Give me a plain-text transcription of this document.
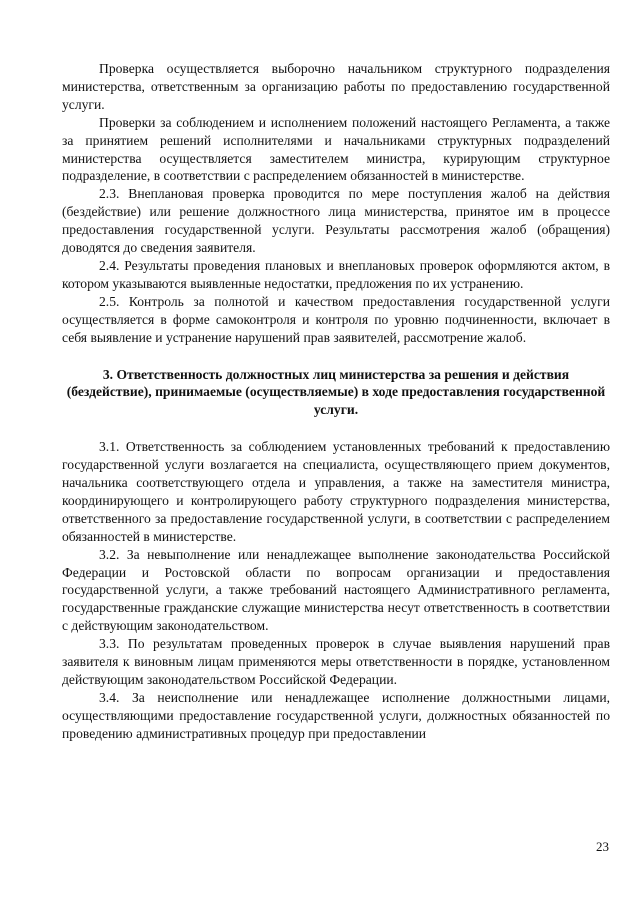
Проверка осуществляется выборочно начальником структурного подразделения министерства, ответственным за организацию работы по предоставлению государственной услуги.

Проверки за соблюдением и исполнением положений настоящего Регламента, а также за принятием решений исполнителями и начальниками структурных подразделений министерства осуществляется заместителем министра, курирующим структурное подразделение, в соответствии с распределением обязанностей в министерстве.

2.3. Внеплановая проверка проводится по мере поступления жалоб на действия (бездействие) или решение должностного лица министерства, принятое им в процессе предоставления государственной услуги. Результаты рассмотрения жалоб (обращения) доводятся до сведения заявителя.

2.4. Результаты проведения плановых и внеплановых проверок оформляются актом, в котором указываются выявленные недостатки, предложения по их устранению.

2.5. Контроль за полнотой и качеством предоставления государственной услуги осуществляется в форме самоконтроля и контроля по уровню подчиненности, включает в себя выявление и устранение нарушений прав заявителей, рассмотрение жалоб.

3. Ответственность должностных лиц министерства за решения и действия (бездействие), принимаемые (осуществляемые) в ходе предоставления государственной услуги.

3.1. Ответственность за соблюдением установленных требований к предоставлению государственной услуги возлагается на специалиста, осуществляющего прием документов, начальника соответствующего отдела и управления, а также на заместителя министра, координирующего и контролирующего работу структурного подразделения министерства, ответственного за предоставление государственной услуги, в соответствии с распределением обязанностей в министерстве.

3.2. За невыполнение или ненадлежащее выполнение законодательства Российской Федерации и Ростовской области по вопросам организации и предоставления государственной услуги, а также требований настоящего Административного регламента, государственные гражданские служащие министерства несут ответственность в соответствии с действующим законодательством.

3.3. По результатам проведенных проверок в случае выявления нарушений прав заявителя к виновным лицам применяются меры ответственности в порядке, установленном действующим законодательством Российской Федерации.

3.4. За неисполнение или ненадлежащее исполнение должностными лицами, осуществляющими предоставление государственной услуги, должностных обязанностей по проведению административных процедур при предоставлении

23
